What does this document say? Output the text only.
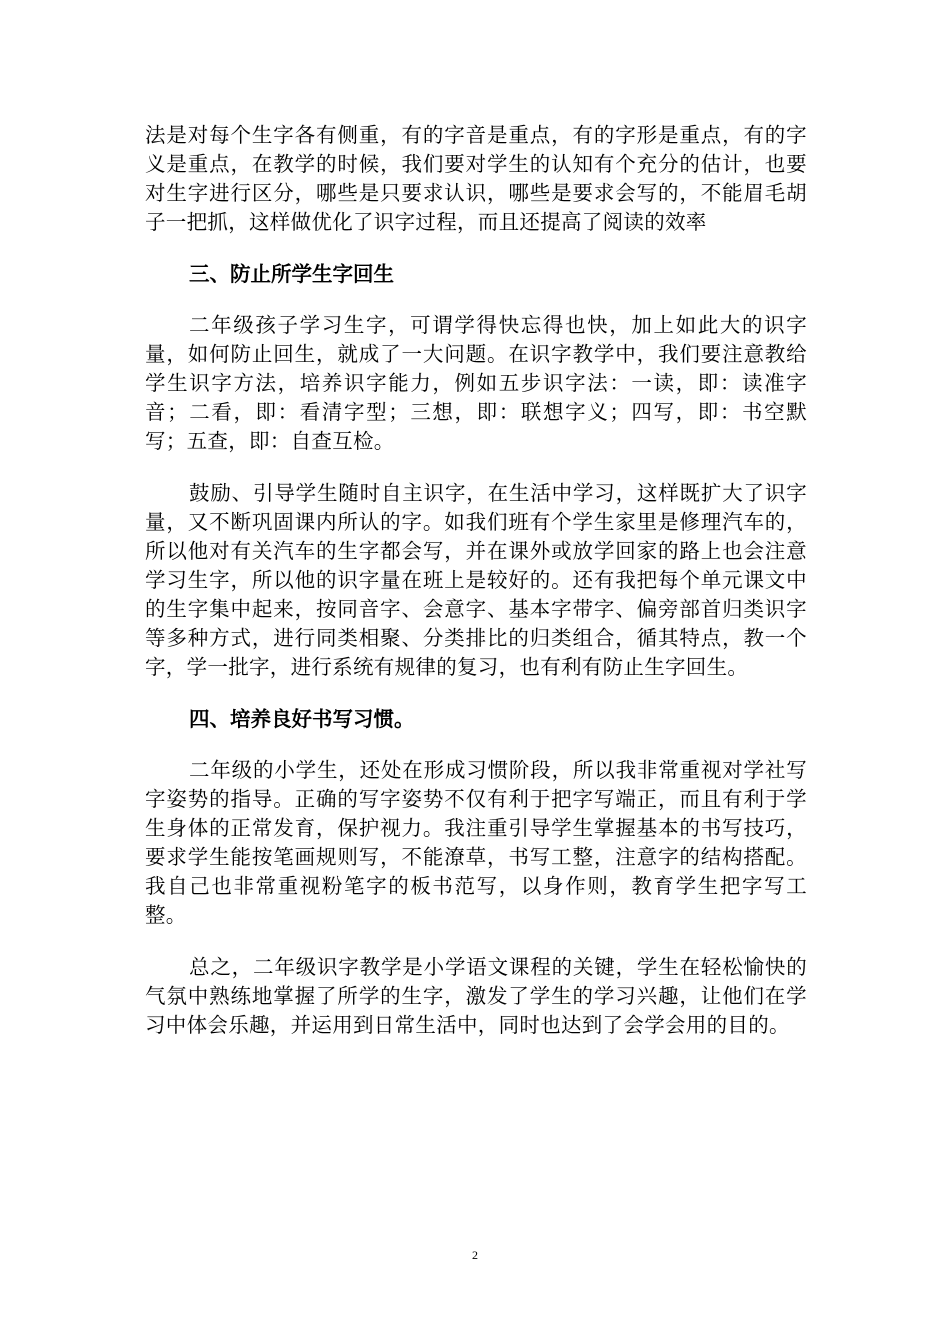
法是对每个生字各有侧重，有的字音是重点，有的字形是重点，有的字义是重点，在教学的时候，我们要对学生的认知有个充分的估计，也要对生字进行区分，哪些是只要求认识，哪些是要求会写的，不能眉毛胡子一把抓，这样做优化了识字过程，而且还提高了阅读的效率

三、防止所学生字回生

二年级孩子学习生字，可谓学得快忘得也快，加上如此大的识字量，如何防止回生，就成了一大问题。在识字教学中，我们要注意教给学生识字方法，培养识字能力，例如五步识字法：一读，即：读准字音；二看，即：看清字型；三想，即：联想字义；四写，即：书空默写；五查，即：自查互检。

鼓励、引导学生随时自主识字，在生活中学习，这样既扩大了识字量，又不断巩固课内所认的字。如我们班有个学生家里是修理汽车的，所以他对有关汽车的生字都会写，并在课外或放学回家的路上也会注意学习生字，所以他的识字量在班上是较好的。还有我把每个单元课文中的生字集中起来，按同音字、会意字、基本字带字、偏旁部首归类识字等多种方式，进行同类相聚、分类排比的归类组合，循其特点，教一个字，学一批字，进行系统有规律的复习，也有利有防止生字回生。

四、培养良好书写习惯。

二年级的小学生，还处在形成习惯阶段，所以我非常重视对学社写字姿势的指导。正确的写字姿势不仅有利于把字写端正，而且有利于学生身体的正常发育，保护视力。我注重引导学生掌握基本的书写技巧，要求学生能按笔画规则写，不能潦草，书写工整，注意字的结构搭配。我自己也非常重视粉笔字的板书范写，以身作则，教育学生把字写工整。

总之，二年级识字教学是小学语文课程的关键，学生在轻松愉快的气氛中熟练地掌握了所学的生字，激发了学生的学习兴趣，让他们在学习中体会乐趣，并运用到日常生活中，同时也达到了会学会用的目的。

2
